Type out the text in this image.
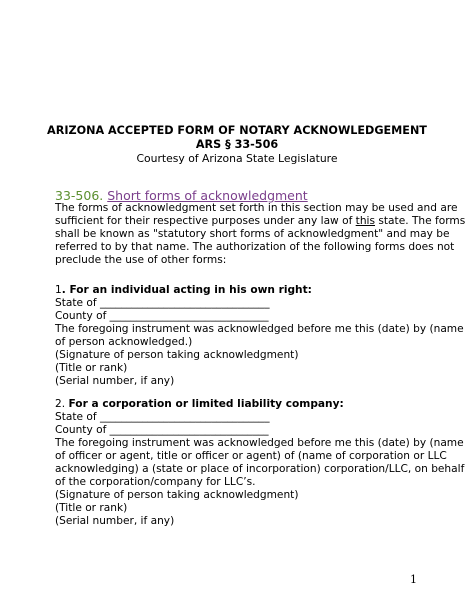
ARIZONA ACCEPTED FORM OF NOTARY ACKNOWLEDGEMENT
ARS § 33-506
Courtesy of Arizona State Legislature
33-506. Short forms of acknowledgment
The forms of acknowledgment set forth in this section may be used and are
sufficient for their respective purposes under any law of this state. The forms
shall be known as "statutory short forms of acknowledgment" and may be
referred to by that name. The authorization of the following forms does not
preclude the use of other forms:
1. For an individual acting in his own right:
State of ________________________________
County of ______________________________
The foregoing instrument was acknowledged before me this (date) by (name
of person acknowledged.)
(Signature of person taking acknowledgment)
(Title or rank)
(Serial number, if any)
2. For a corporation or limited liability company:
State of ________________________________
County of ______________________________
The foregoing instrument was acknowledged before me this (date) by (name
of officer or agent, title or officer or agent) of (name of corporation or LLC
acknowledging) a (state or place of incorporation) corporation/LLC, on behalf
of the corporation/company for LLC’s.
(Signature of person taking acknowledgment)
(Title or rank)
(Serial number, if any)
1
